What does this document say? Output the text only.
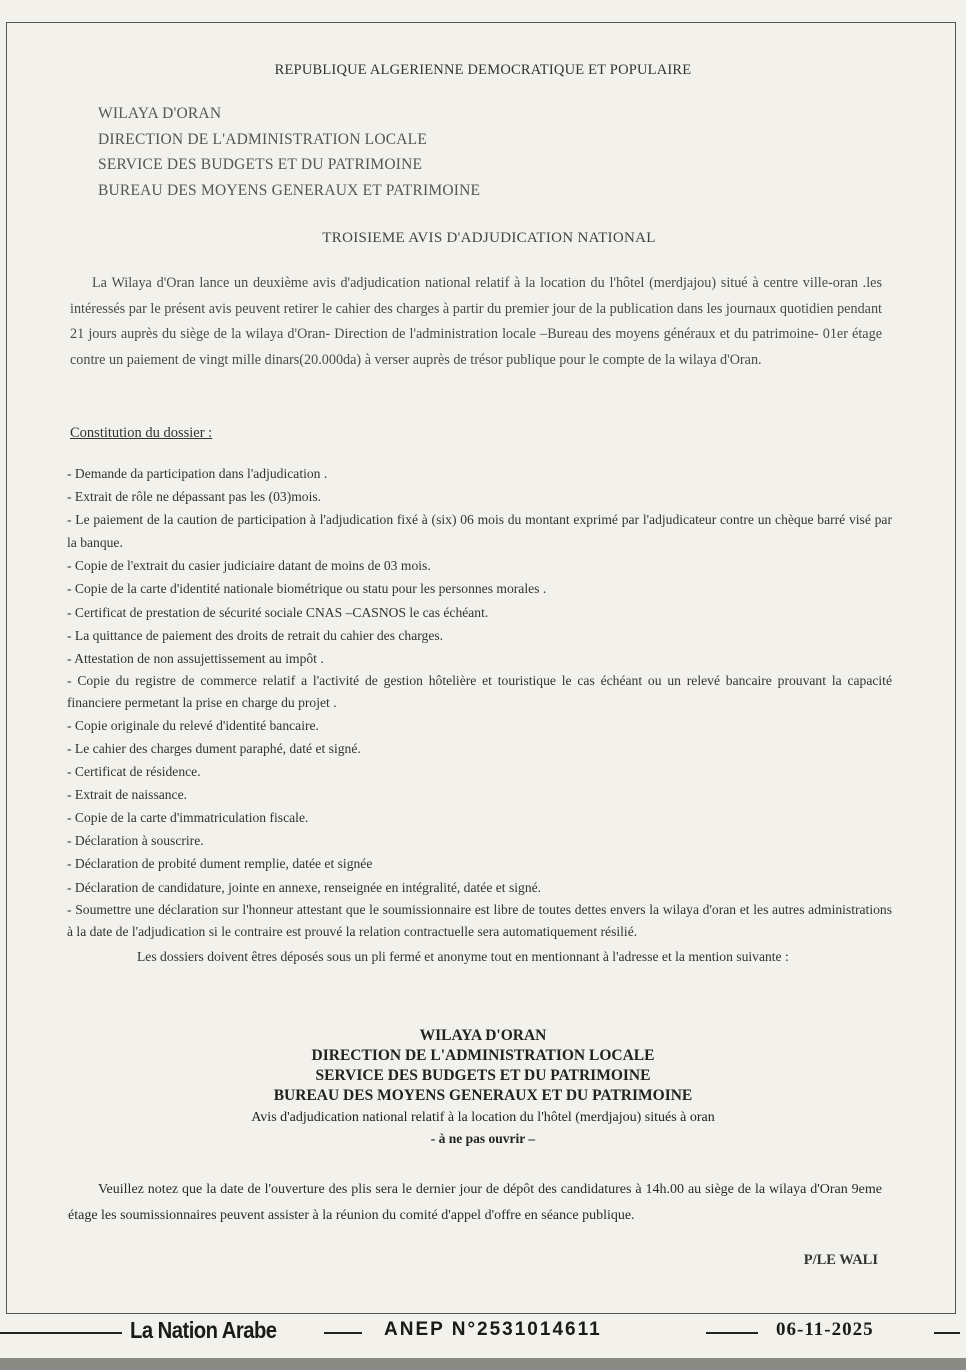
REPUBLIQUE ALGERIENNE DEMOCRATIQUE ET POPULAIRE
WILAYA D'ORAN
DIRECTION DE L'ADMINISTRATION LOCALE
SERVICE DES BUDGETS ET DU PATRIMOINE
BUREAU DES MOYENS GENERAUX ET PATRIMOINE
TROISIEME AVIS D'ADJUDICATION NATIONAL
La Wilaya d'Oran lance un deuxième avis d'adjudication national relatif à la location du l'hôtel (merdjajou) situé à centre ville-oran .les intéressés par le présent avis peuvent retirer le cahier des charges à partir du premier jour de la publication dans les journaux quotidien pendant 21 jours auprès du siège de la wilaya d'Oran- Direction de l'administration locale –Bureau des moyens généraux et du patrimoine- 01er étage contre un paiement de vingt mille dinars(20.000da) à verser auprès de trésor publique pour le compte de la wilaya d'Oran.
Constitution du dossier :
- Demande da participation dans l'adjudication .
- Extrait de rôle ne dépassant pas les (03)mois.
- Le paiement de la caution de participation à l'adjudication fixé à (six) 06 mois du montant exprimé par l'adjudicateur contre un chèque barré visé par la banque.
- Copie de l'extrait du casier judiciaire datant de moins de 03 mois.
- Copie de la carte d'identité nationale biométrique ou statu pour les personnes morales .
- Certificat de prestation de sécurité sociale CNAS –CASNOS le cas échéant.
- La quittance de paiement des droits de retrait du cahier des charges.
- Attestation de non assujettissement au impôt .
- Copie du registre de commerce relatif a l'activité de gestion hôtelière et touristique le cas échéant ou un relevé bancaire prouvant la capacité financiere permetant la prise en charge du projet .
- Copie originale du relevé d'identité bancaire.
- Le cahier des charges dument paraphé, daté et signé.
- Certificat de résidence.
- Extrait de naissance.
- Copie de la carte d'immatriculation fiscale.
- Déclaration à souscrire.
- Déclaration de probité dument remplie, datée et signée
- Déclaration de candidature, jointe en annexe, renseignée en intégralité, datée et signé.
- Soumettre une déclaration sur l'honneur attestant que le soumissionnaire est libre de toutes dettes envers la wilaya d'oran et les autres administrations à la date de l'adjudication si le contraire est prouvé la relation contractuelle sera automatiquement résilié.
Les dossiers doivent êtres déposés sous un pli fermé et anonyme tout en mentionnant à l'adresse et la mention suivante :
WILAYA D'ORAN
DIRECTION DE L'ADMINISTRATION LOCALE
SERVICE DES BUDGETS ET DU PATRIMOINE
BUREAU DES MOYENS GENERAUX ET DU PATRIMOINE
Avis d'adjudication national relatif à la location du l'hôtel (merdjajou) situés à oran
- à ne pas ouvrir –
Veuillez notez que la date de l'ouverture des plis sera le dernier jour de dépôt des candidatures à 14h.00 au siège de la wilaya d'Oran 9eme étage les soumissionnaires peuvent assister à la réunion du comité d'appel d'offre en séance publique.
P/LE WALI
La Nation Arabe	ANEP N°2531014611	06-11-2025
